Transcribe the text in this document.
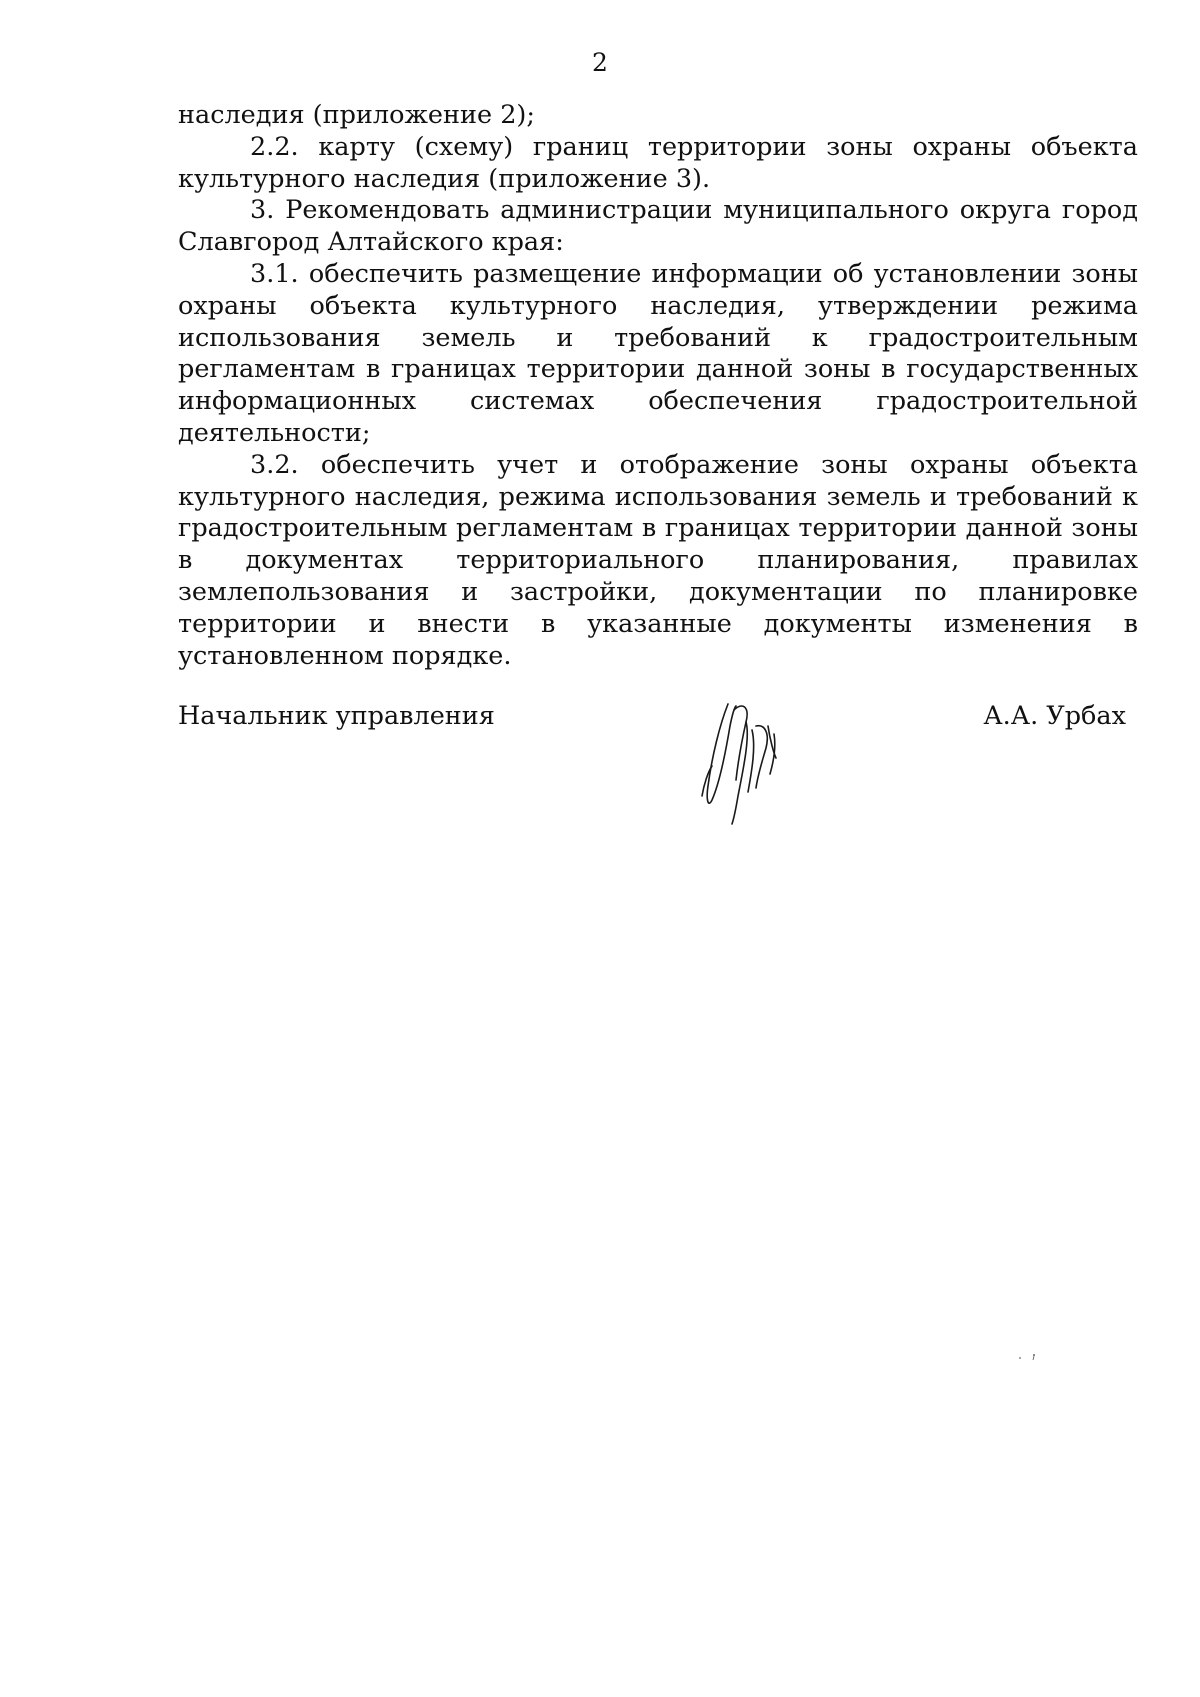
2

наследия (приложение 2);

2.2. карту (схему) границ территории зоны охраны объекта культурного наследия (приложение 3).

3. Рекомендовать администрации муниципального округа город Славгород Алтайского края:

3.1. обеспечить размещение информации об установлении зоны охраны объекта культурного наследия, утверждении режима использования земель и требований к градостроительным регламентам в границах территории данной зоны в государственных информационных системах обеспечения градостроительной деятельности;

3.2. обеспечить учет и отображение зоны охраны объекта культурного наследия, режима использования земель и требований к градостроительным регламентам в границах территории данной зоны в документах территориального планирования, правилах землепользования и застройки, документации по планировке территории и внести в указанные документы изменения в установленном порядке.

Начальник управления	А.А. Урбах
